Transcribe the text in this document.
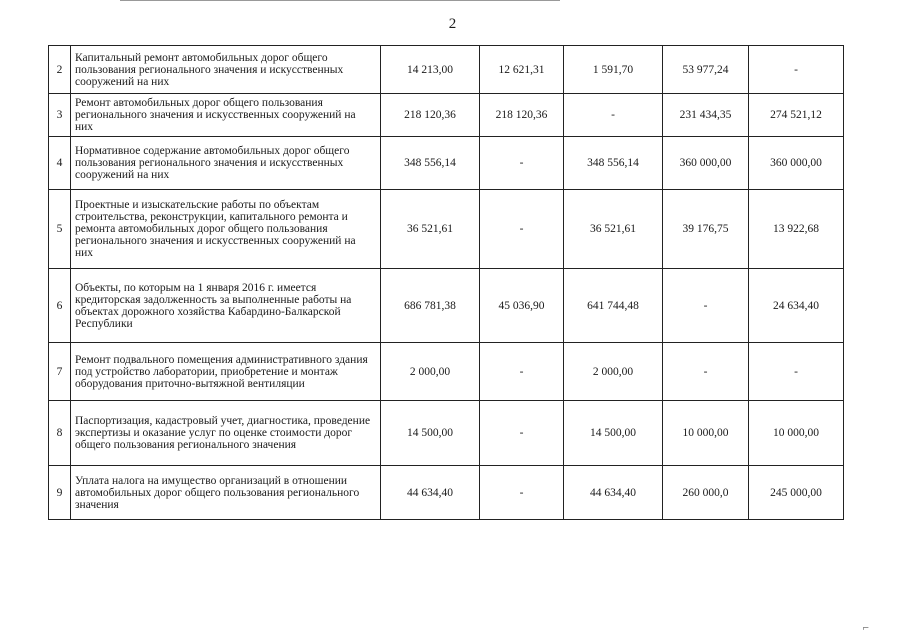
2
2	Капитальный ремонт автомобильных дорог общего пользования регионального значения и искусственных сооружений на них	14 213,00	12 621,31	1 591,70	53 977,24	-
3	Ремонт автомобильных дорог общего пользования регионального значения и искусственных сооружений на них	218 120,36	218 120,36	-	231 434,35	274 521,12
4	Нормативное содержание автомобильных дорог общего пользования регионального значения и искусственных сооружений на них	348 556,14	-	348 556,14	360 000,00	360 000,00
5	Проектные и изыскательские работы по объектам строительства, реконструкции, капитального ремонта и ремонта автомобильных дорог общего пользования регионального значения и искусственных сооружений на них	36 521,61	-	36 521,61	39 176,75	13 922,68
6	Объекты, по которым на 1 января 2016 г. имеется кредиторская задолженность за выполненные работы на объектах дорожного хозяйства Кабардино-Балкарской Республики	686 781,38	45 036,90	641 744,48	-	24 634,40
7	Ремонт подвального помещения административного здания под устройство лаборатории, приобретение и монтаж оборудования приточно-вытяжной вентиляции	2 000,00	-	2 000,00	-	-
8	Паспортизация, кадастровый учет, диагностика, проведение экспертизы и оказание услуг по оценке стоимости дорог общего пользования регионального значения	14 500,00	-	14 500,00	10 000,00	10 000,00
9	Уплата налога на имущество организаций в отношении автомобильных дорог общего пользования регионального значения	44 634,40	-	44 634,40	260 000,0	245 000,00
⌐
